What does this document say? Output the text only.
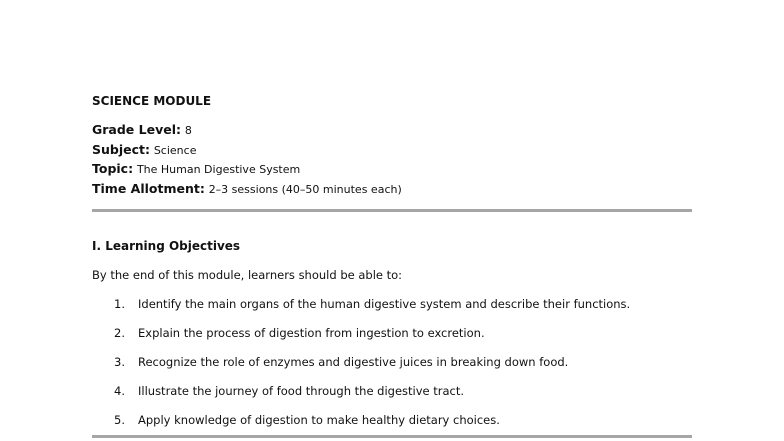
SCIENCE MODULE
Grade Level: 8
Subject: Science
Topic: The Human Digestive System
Time Allotment: 2–3 sessions (40–50 minutes each)
I. Learning Objectives
By the end of this module, learners should be able to:
1. Identify the main organs of the human digestive system and describe their functions.
2. Explain the process of digestion from ingestion to excretion.
3. Recognize the role of enzymes and digestive juices in breaking down food.
4. Illustrate the journey of food through the digestive tract.
5. Apply knowledge of digestion to make healthy dietary choices.
